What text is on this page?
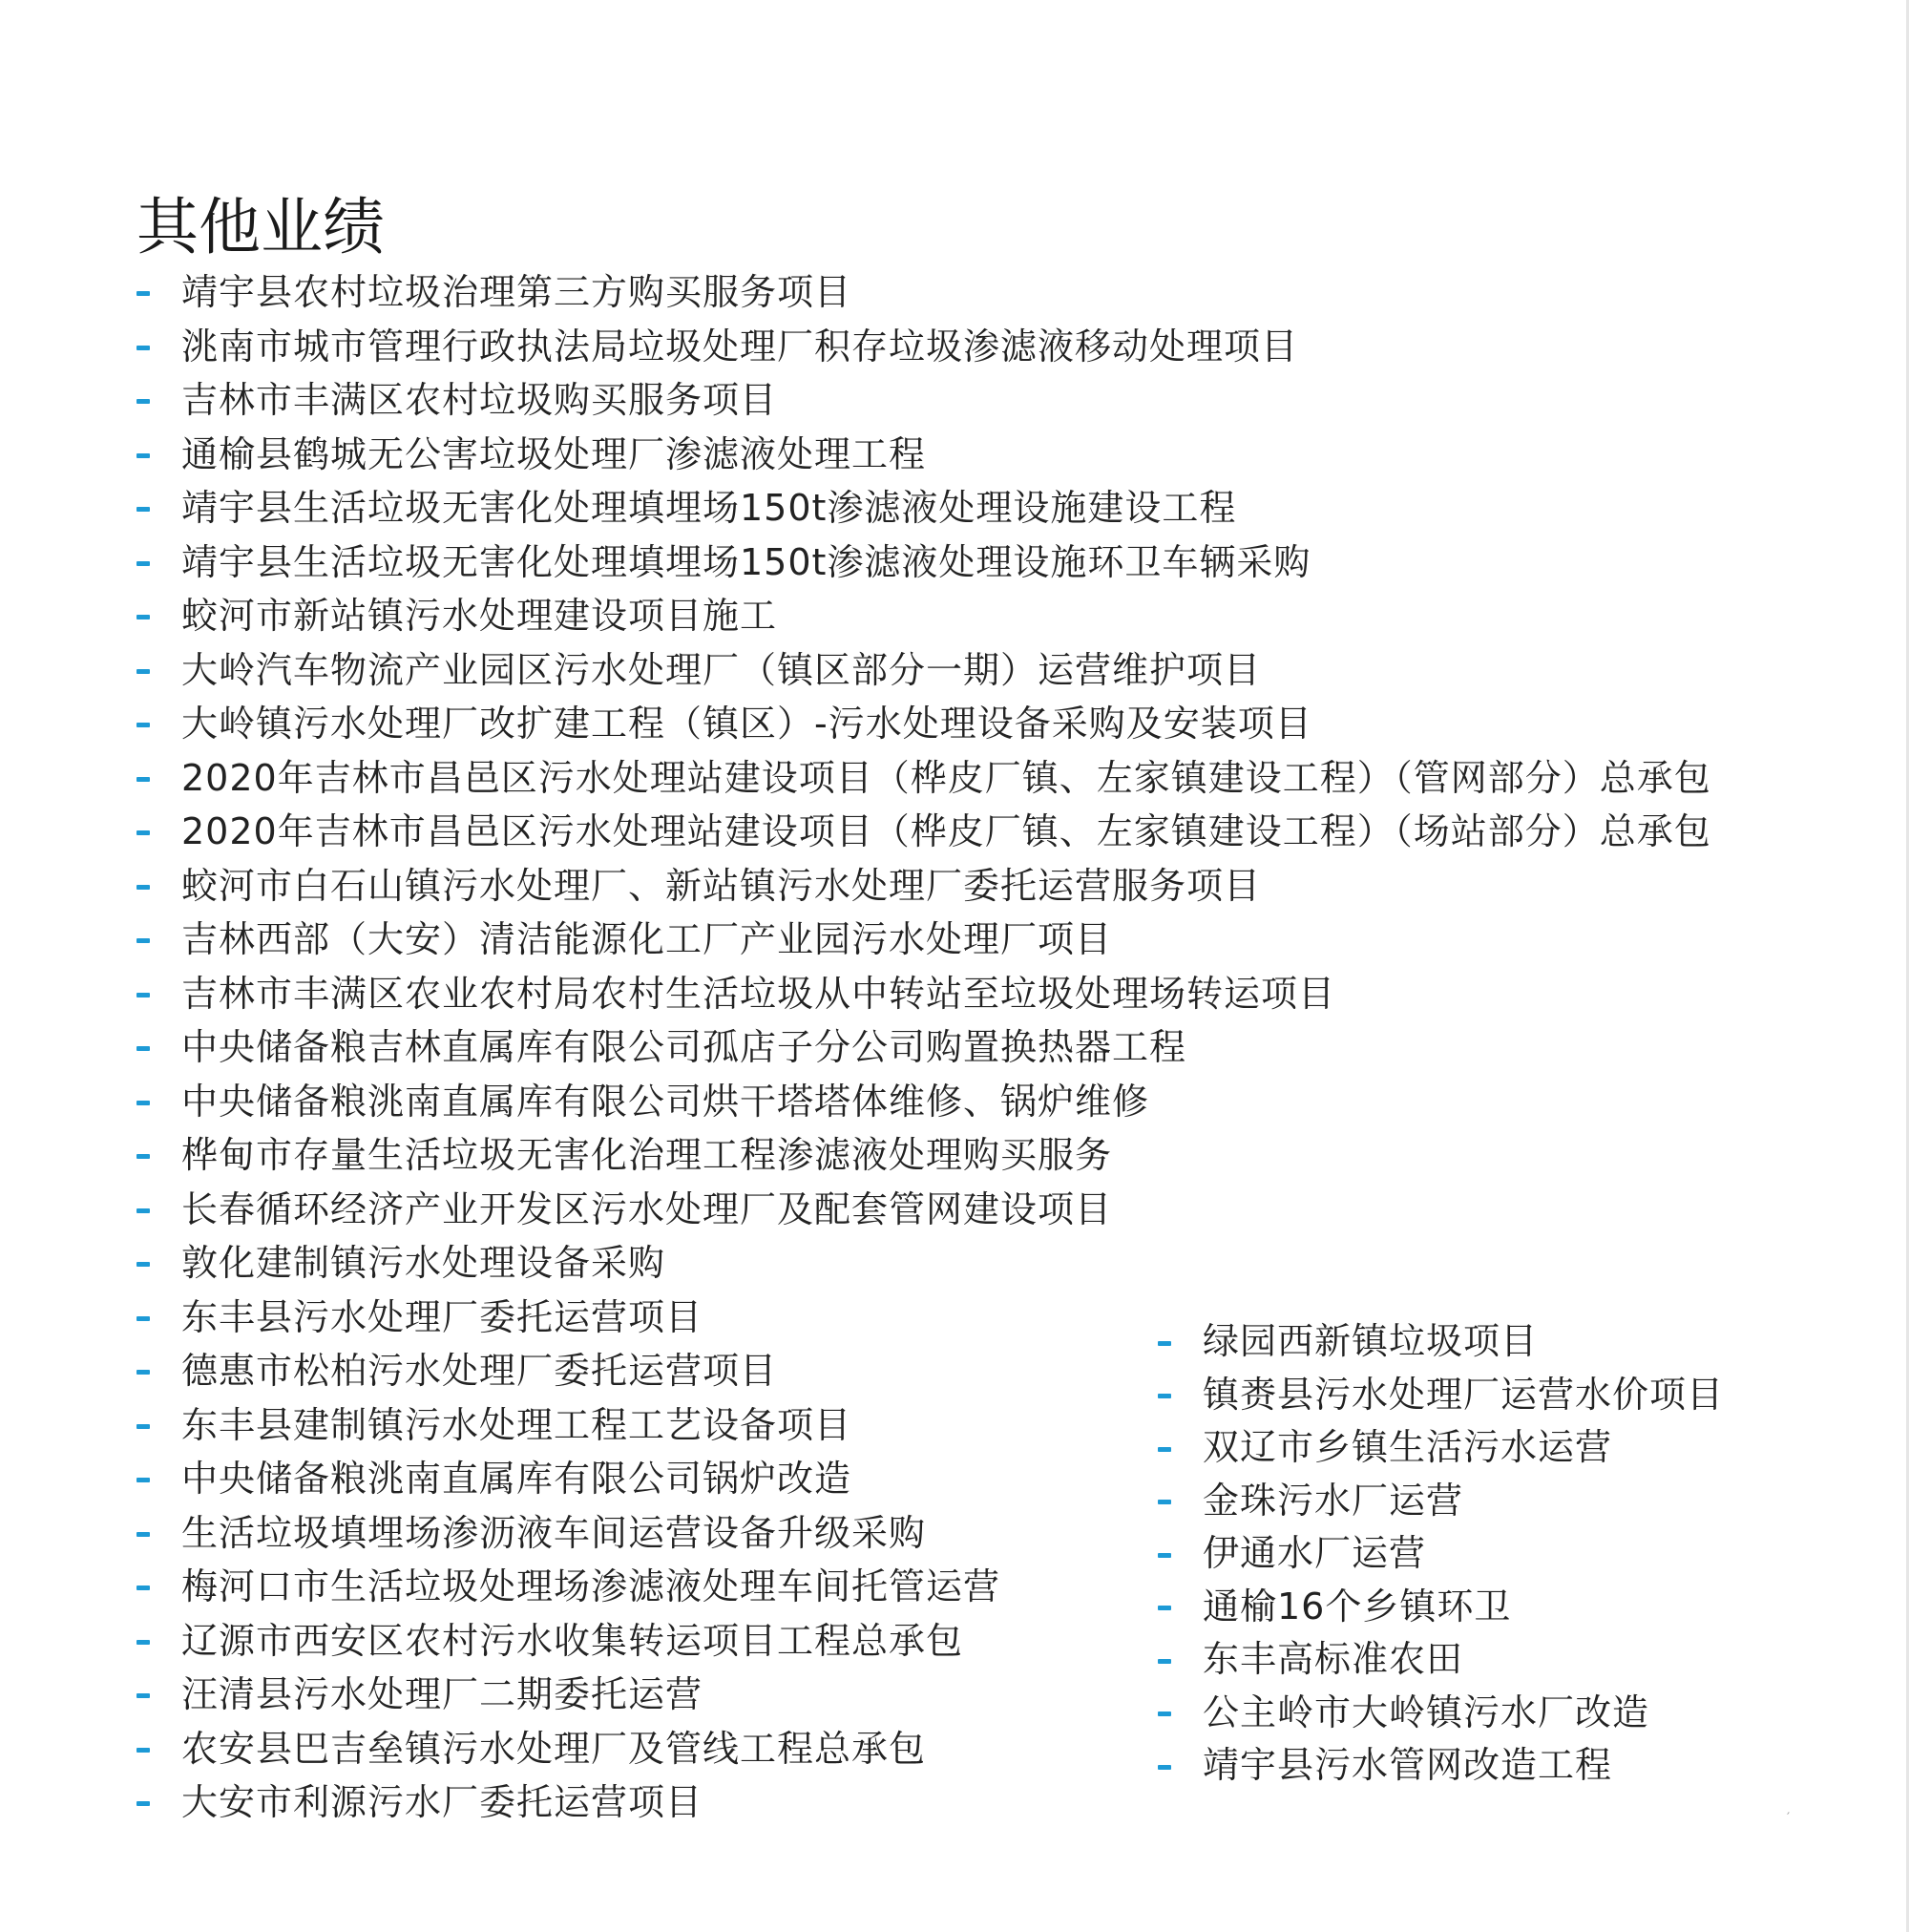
其他业绩
靖宇县农村垃圾治理第三方购买服务项目
洮南市城市管理行政执法局垃圾处理厂积存垃圾渗滤液移动处理项目
吉林市丰满区农村垃圾购买服务项目
通榆县鹤城无公害垃圾处理厂渗滤液处理工程
靖宇县生活垃圾无害化处理填埋场150t渗滤液处理设施建设工程
靖宇县生活垃圾无害化处理填埋场150t渗滤液处理设施环卫车辆采购
蛟河市新站镇污水处理建设项目施工
大岭汽车物流产业园区污水处理厂（镇区部分一期）运营维护项目
大岭镇污水处理厂改扩建工程（镇区）-污水处理设备采购及安装项目
2020年吉林市昌邑区污水处理站建设项目（桦皮厂镇、左家镇建设工程）（管网部分）总承包
2020年吉林市昌邑区污水处理站建设项目（桦皮厂镇、左家镇建设工程）（场站部分）总承包
蛟河市白石山镇污水处理厂、新站镇污水处理厂委托运营服务项目
吉林西部（大安）清洁能源化工厂产业园污水处理厂项目
吉林市丰满区农业农村局农村生活垃圾从中转站至垃圾处理场转运项目
中央储备粮吉林直属库有限公司孤店子分公司购置换热器工程
中央储备粮洮南直属库有限公司烘干塔塔体维修、锅炉维修
桦甸市存量生活垃圾无害化治理工程渗滤液处理购买服务
长春循环经济产业开发区污水处理厂及配套管网建设项目
敦化建制镇污水处理设备采购
东丰县污水处理厂委托运营项目
德惠市松柏污水处理厂委托运营项目
东丰县建制镇污水处理工程工艺设备项目
中央储备粮洮南直属库有限公司锅炉改造
生活垃圾填埋场渗沥液车间运营设备升级采购
梅河口市生活垃圾处理场渗滤液处理车间托管运营
辽源市西安区农村污水收集转运项目工程总承包
汪清县污水处理厂二期委托运营
农安县巴吉垒镇污水处理厂及管线工程总承包
大安市利源污水厂委托运营项目
绿园西新镇垃圾项目
镇赉县污水处理厂运营水价项目
双辽市乡镇生活污水运营
金珠污水厂运营
伊通水厂运营
通榆16个乡镇环卫
东丰高标准农田
公主岭市大岭镇污水厂改造
靖宇县污水管网改造工程
′
